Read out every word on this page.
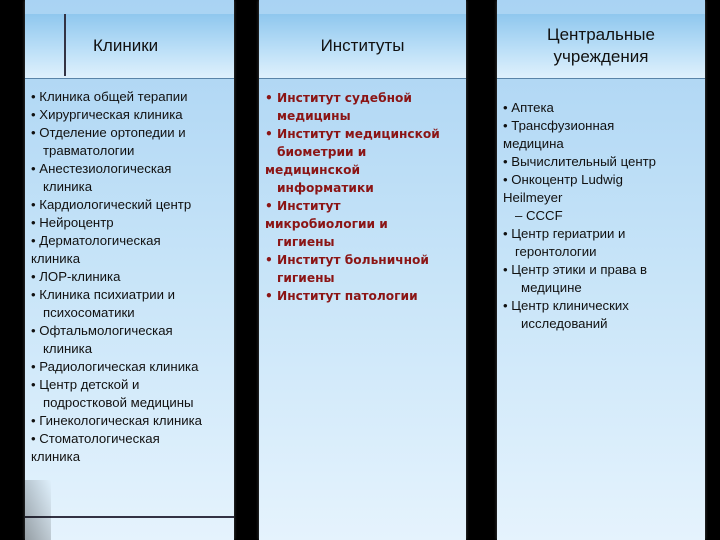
Клиники
• Клиника общей терапии
• Хирургическая клиника
• Отделение ортопедии и
травматологии
• Анестезиологическая
клиника
• Кардиологический центр
• Нейроцентр
• Дерматологическая
клиника
• ЛОР-клиника
• Клиника психиатрии и
психосоматики
• Офтальмологическая
клиника
• Радиологическая клиника
• Центр детской и
подростковой медицины
• Гинекологическая клиника
• Стоматологическая
клиника
Институты
• Институт судебной
медицины
• Институт медицинской
биометрии и
медицинской
информатики
• Институт
микробиологии и
гигиены
• Институт больничной
гигиены
• Институт патологии
Центральные
учреждения
• Аптека
• Трансфузионная
медицина
• Вычислительный центр
• Онкоцентр Ludwig
Heilmeyer
– CCCF
• Центр гериатрии и
геронтологии
• Центр этики и права в
медицине
• Центр клинических
исследований
